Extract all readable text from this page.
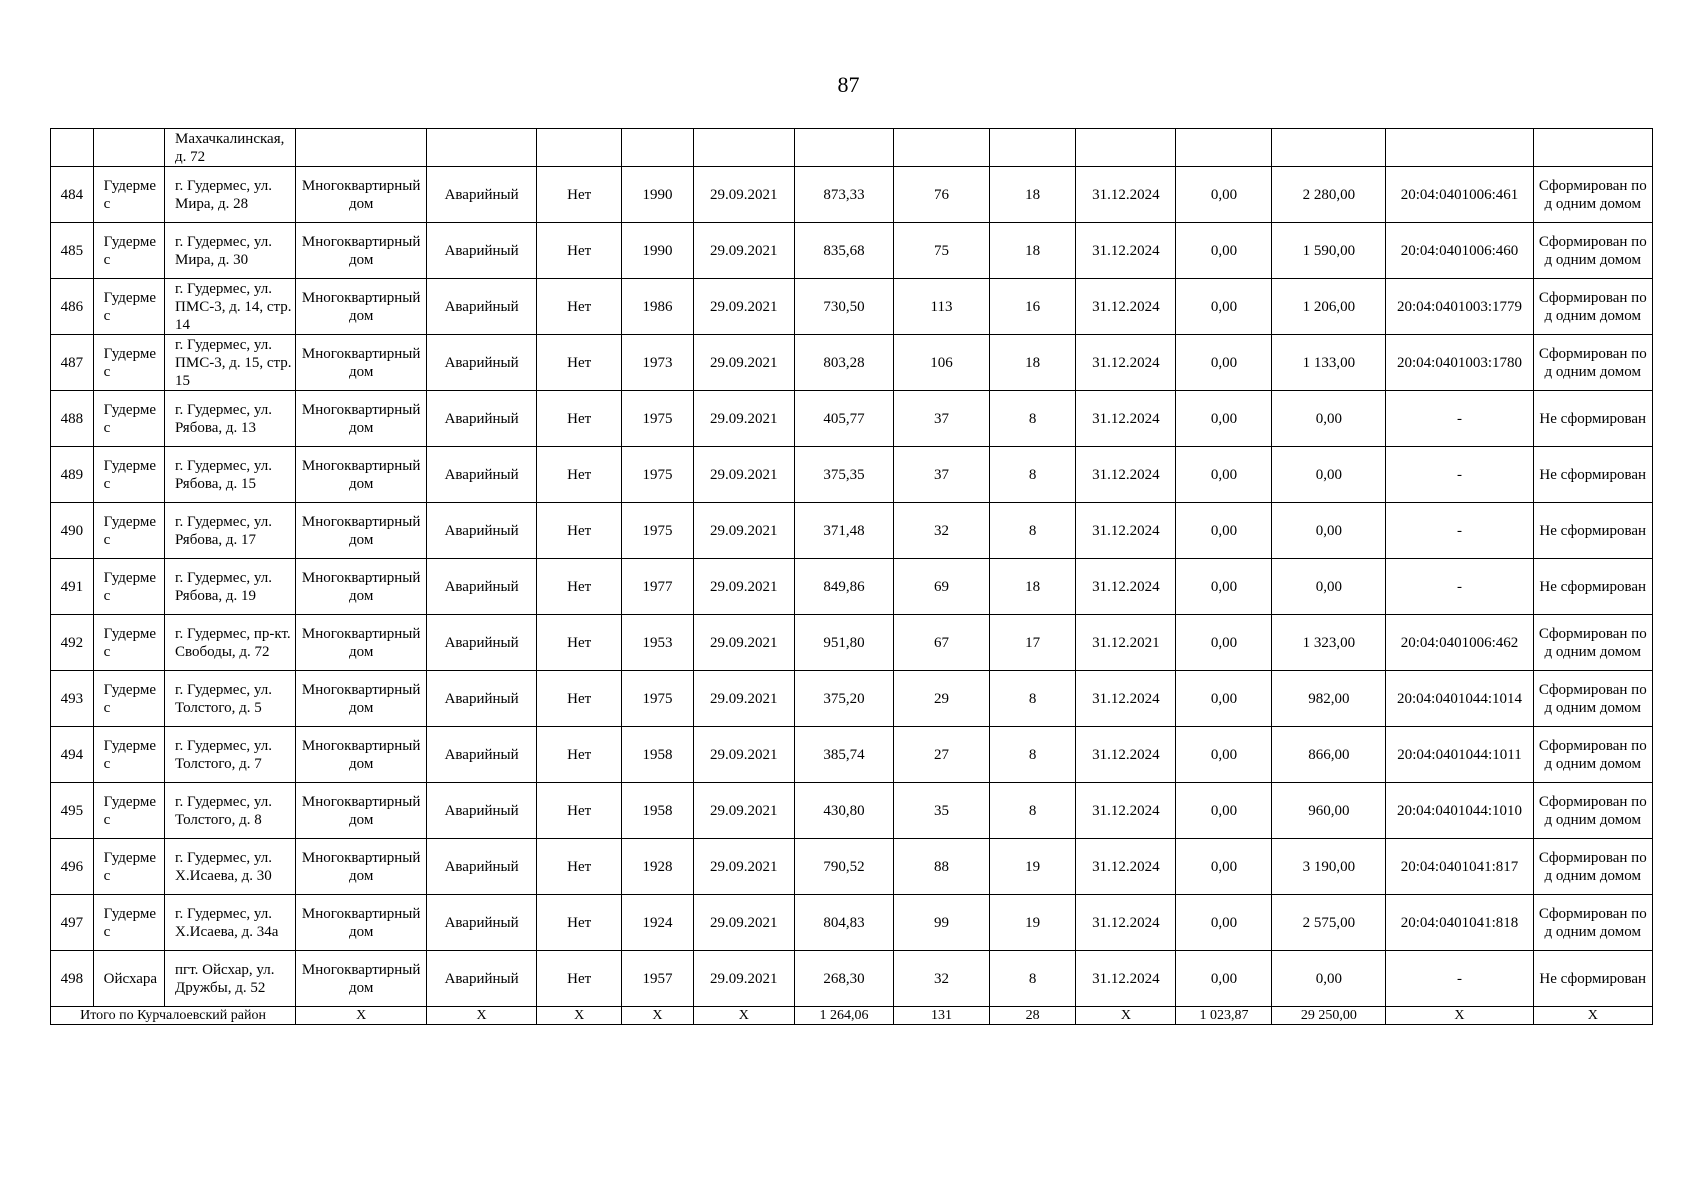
87
		Махачкалинская, д. 72													
484	Гудермес	г. Гудермес, ул. Мира, д. 28	Многоквартирный дом	Аварийный	Нет	1990	29.09.2021	873,33	76	18	31.12.2024	0,00	2 280,00	20:04:0401006:461	Сформирован под одним домом
485	Гудермес	г. Гудермес, ул. Мира, д. 30	Многоквартирный дом	Аварийный	Нет	1990	29.09.2021	835,68	75	18	31.12.2024	0,00	1 590,00	20:04:0401006:460	Сформирован под одним домом
486	Гудермес	г. Гудермес, ул. ПМС-3, д. 14, стр. 14	Многоквартирный дом	Аварийный	Нет	1986	29.09.2021	730,50	113	16	31.12.2024	0,00	1 206,00	20:04:0401003:1779	Сформирован под одним домом
487	Гудермес	г. Гудермес, ул. ПМС-3, д. 15, стр. 15	Многоквартирный дом	Аварийный	Нет	1973	29.09.2021	803,28	106	18	31.12.2024	0,00	1 133,00	20:04:0401003:1780	Сформирован под одним домом
488	Гудермес	г. Гудермес, ул. Рябова, д. 13	Многоквартирный дом	Аварийный	Нет	1975	29.09.2021	405,77	37	8	31.12.2024	0,00	0,00	-	Не сформирован
489	Гудермес	г. Гудермес, ул. Рябова, д. 15	Многоквартирный дом	Аварийный	Нет	1975	29.09.2021	375,35	37	8	31.12.2024	0,00	0,00	-	Не сформирован
490	Гудермес	г. Гудермес, ул. Рябова, д. 17	Многоквартирный дом	Аварийный	Нет	1975	29.09.2021	371,48	32	8	31.12.2024	0,00	0,00	-	Не сформирован
491	Гудермес	г. Гудермес, ул. Рябова, д. 19	Многоквартирный дом	Аварийный	Нет	1977	29.09.2021	849,86	69	18	31.12.2024	0,00	0,00	-	Не сформирован
492	Гудермес	г. Гудермес, пр-кт. Свободы, д. 72	Многоквартирный дом	Аварийный	Нет	1953	29.09.2021	951,80	67	17	31.12.2021	0,00	1 323,00	20:04:0401006:462	Сформирован под одним домом
493	Гудермес	г. Гудермес, ул. Толстого, д. 5	Многоквартирный дом	Аварийный	Нет	1975	29.09.2021	375,20	29	8	31.12.2024	0,00	982,00	20:04:0401044:1014	Сформирован под одним домом
494	Гудермес	г. Гудермес, ул. Толстого, д. 7	Многоквартирный дом	Аварийный	Нет	1958	29.09.2021	385,74	27	8	31.12.2024	0,00	866,00	20:04:0401044:1011	Сформирован под одним домом
495	Гудермес	г. Гудермес, ул. Толстого, д. 8	Многоквартирный дом	Аварийный	Нет	1958	29.09.2021	430,80	35	8	31.12.2024	0,00	960,00	20:04:0401044:1010	Сформирован под одним домом
496	Гудермес	г. Гудермес, ул. Х.Исаева, д. 30	Многоквартирный дом	Аварийный	Нет	1928	29.09.2021	790,52	88	19	31.12.2024	0,00	3 190,00	20:04:0401041:817	Сформирован под одним домом
497	Гудермес	г. Гудермес, ул. Х.Исаева, д. 34а	Многоквартирный дом	Аварийный	Нет	1924	29.09.2021	804,83	99	19	31.12.2024	0,00	2 575,00	20:04:0401041:818	Сформирован под одним домом
498	Ойсхара	пгт. Ойсхар, ул. Дружбы, д. 52	Многоквартирный дом	Аварийный	Нет	1957	29.09.2021	268,30	32	8	31.12.2024	0,00	0,00	-	Не сформирован
Итого по Курчалоевский район			X	X	X	X	X	1 264,06	131	28	X	1 023,87	29 250,00	X	X
